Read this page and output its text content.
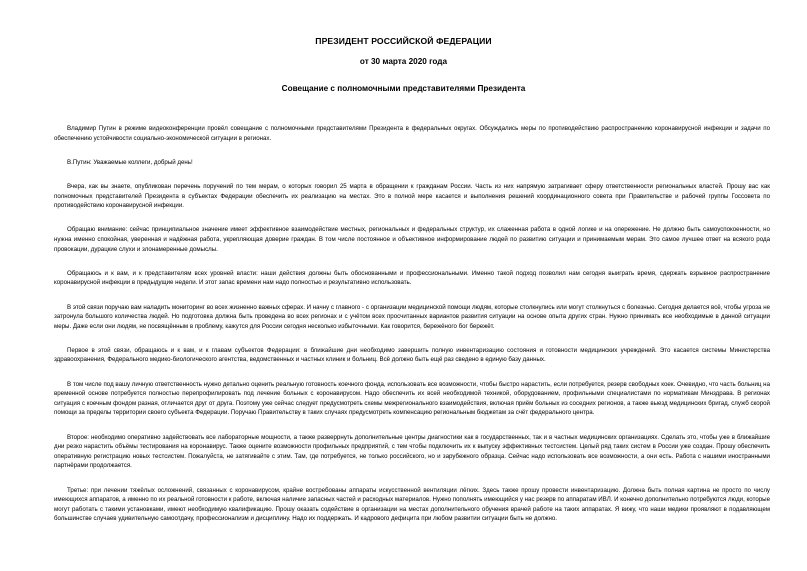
ПРЕЗИДЕНТ РОССИЙСКОЙ ФЕДЕРАЦИИ
от 30 марта 2020 года
Совещание с полномочными представителями Президента

Владимир Путин в режиме видеоконференции провёл совещание с полномочными представителями Президента в федеральных округах. Обсуждались меры по противодействию распространению коронавирусной инфекции и задачи по обеспечению устойчивости социально-экономической ситуации в регионах.

В.Путин: Уважаемые коллеги, добрый день!

Вчера, как вы знаете, опубликован перечень поручений по тем мерам, о которых говорил 25 марта в обращении к гражданам России. Часть из них напрямую затрагивает сферу ответственности региональных властей. Прошу вас как полномочных представителей Президента в субъектах Федерации обеспечить их реализацию на местах. Это в полной мере касается и выполнения решений координационного совета при Правительстве и рабочей группы Госсовета по противодействию коронавирусной инфекции.

Обращаю внимание: сейчас принципиальное значение имеет эффективное взаимодействие местных, региональных и федеральных структур, их слаженная работа в одной логике и на опережение. Не должно быть самоуспокоенности, но нужна именно спокойная, уверенная и надёжная работа, укрепляющая доверие граждан. В том числе постоянное и объективное информирование людей по развитию ситуации и принимаемым мерам. Это самое лучшее ответ на всякого рода провокации, дурацкие слухи и злонамеренные домыслы.

Обращаюсь и к вам, и к представителям всех уровней власти: наши действия должны быть обоснованными и профессиональными. Именно такой подход позволил нам сегодня выиграть время, сдержать взрывное распространение коронавирусной инфекции в предыдущие недели. И этот запас времени нам надо полностью и результативно использовать.

В этой связи поручаю вам наладить мониторинг во всех жизненно важных сферах. И начну с главного - с организации медицинской помощи людям, которые столкнулись или могут столкнуться с болезнью. Сегодня делается всё, чтобы угроза не затронула большого количества людей. Но подготовка должна быть проведена во всех регионах и с учётом всех просчитанных вариантов развития ситуации на основе опыта других стран. Нужно принимать все необходимые в данной ситуации меры. Даже если они людям, не посвящённым в проблему, кажутся для России сегодня несколько избыточными. Как говорится, бережёного бог бережёт.

Первое в этой связи, обращаюсь и к вам, и к главам субъектов Федерации: в ближайшие дни необходимо завершить полную инвентаризацию состояния и готовности медицинских учреждений. Это касается системы Министерства здравоохранения, Федерального медико-биологического агентства, ведомственных и частных клиник и больниц. Всё должно быть ещё раз сведено в единую базу данных.

В том числе под вашу личную ответственность нужно детально оценить реальную готовность коечного фонда, использовать все возможности, чтобы быстро нарастить, если потребуется, резерв свободных коек. Очевидно, что часть больниц на временной основе потребуется полностью перепрофилировать под лечение больных с коронавирусом. Надо обеспечить их всей необходимой техникой, оборудованием, профильными специалистами по нормативам Минздрава. В регионах ситуация с коечным фондом разная, отличается друг от друга. Поэтому уже сейчас следует предусмотреть схемы межрегионального взаимодействия, включая приём больных из соседних регионов, а также выезд медицинских бригад, служб скорой помощи за пределы территории своего субъекта Федерации. Поручаю Правительству в таких случаях предусмотреть компенсацию региональным бюджетам за счёт федерального центра.

Второе: необходимо оперативно задействовать все лабораторные мощности, а также разверрнуть дополнительные центры диагностики как в государственных, так и в частных медицинских организациях. Сделать это, чтобы уже в ближайшие дни резко нарастить объёмы тестирования на коронавирус. Также оцените возможности профильных предприятий, с тем чтобы подключить их к выпуску эффективных тестсистем. Целый ряд таких систем в России уже создан. Прошу обеспечить оперативную регистрацию новых тестсистем. Пожалуйста, не затягивайте с этим. Там, где потребуется, не только российского, но и зарубежного образца. Сейчас надо использовать все возможности, а они есть. Работа с нашими иностранными партнёрами продолжается.

Третье: при лечении тяжёлых осложнений, связанных с коронавирусом, крайне востребованы аппараты искусственной вентиляции лёгких. Здесь также прошу провести инвентаризацию. Должна быть полная картина не просто по числу имеющихся аппаратов, а именно по их реальной готовности к работе, включая наличие запасных частей и расходных материалов. Нужно пополнять имеющийся у нас резерв по аппаратам ИВЛ. И конечно дополнительно потребуются люди, которые могут работать с такими установками, имеют необходимую квалификацию. Прошу оказать содействие в организации на местах дополнительного обучения врачей работе на таких аппаратах. Я вижу, что наши медики проявляют в подавляющем большинстве случаев удивительную самоотдачу, профессионализм и дисциплину. Надо их поддержать. И кадрового дефицита при любом развитии ситуации быть не должно.
